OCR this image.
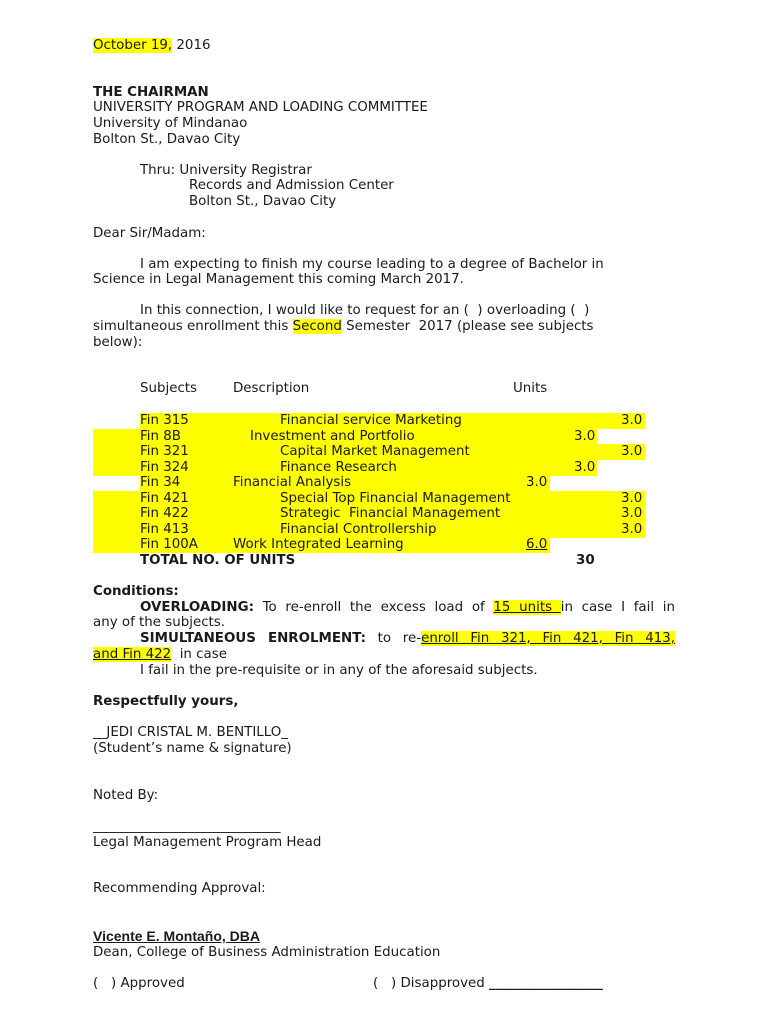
October 19, 2016
THE CHAIRMAN
UNIVERSITY PROGRAM AND LOADING COMMITTEE
University of Mindanao
Bolton St., Davao City
Thru: University Registrar
Records and Admission Center
Bolton St., Davao City
Dear Sir/Madam:
I am expecting to finish my course leading to a degree of Bachelor in
Science in Legal Management this coming March 2017.
In this connection, I would like to request for an (  ) overloading (  )
simultaneous enrollment this Second Semester  2017 (please see subjects
below):
Subjects	Description	Units
Fin 315	Financial service Marketing	3.0
Fin 8B	Investment and Portfolio	3.0
Fin 321	Capital Market Management	3.0
Fin 324	Finance Research	3.0
Fin 34	Financial Analysis	3.0
Fin 421	Special Top Financial Management	3.0
Fin 422	Strategic  Financial Management	3.0
Fin 413	Financial Controllership	3.0
Fin 100A	Work Integrated Learning	6.0
TOTAL NO. OF UNITS	30
Conditions:
OVERLOADING: To re-enroll the excess load of 15 units in case I fail in
any of the subjects.
SIMULTANEOUS ENROLMENT: to re-enroll Fin 321, Fin 421, Fin 413,
and Fin 422  in case
I fail in the pre-requisite or in any of the aforesaid subjects.
Respectfully yours,
__JEDI CRISTAL M. BENTILLO_
(Student’s name & signature)
Noted By:
____________________________
Legal Management Program Head
Recommending Approval:
Vicente E. Montaño, DBA
Dean, College of Business Administration Education
(   ) Approved	(   ) Disapproved _________________
